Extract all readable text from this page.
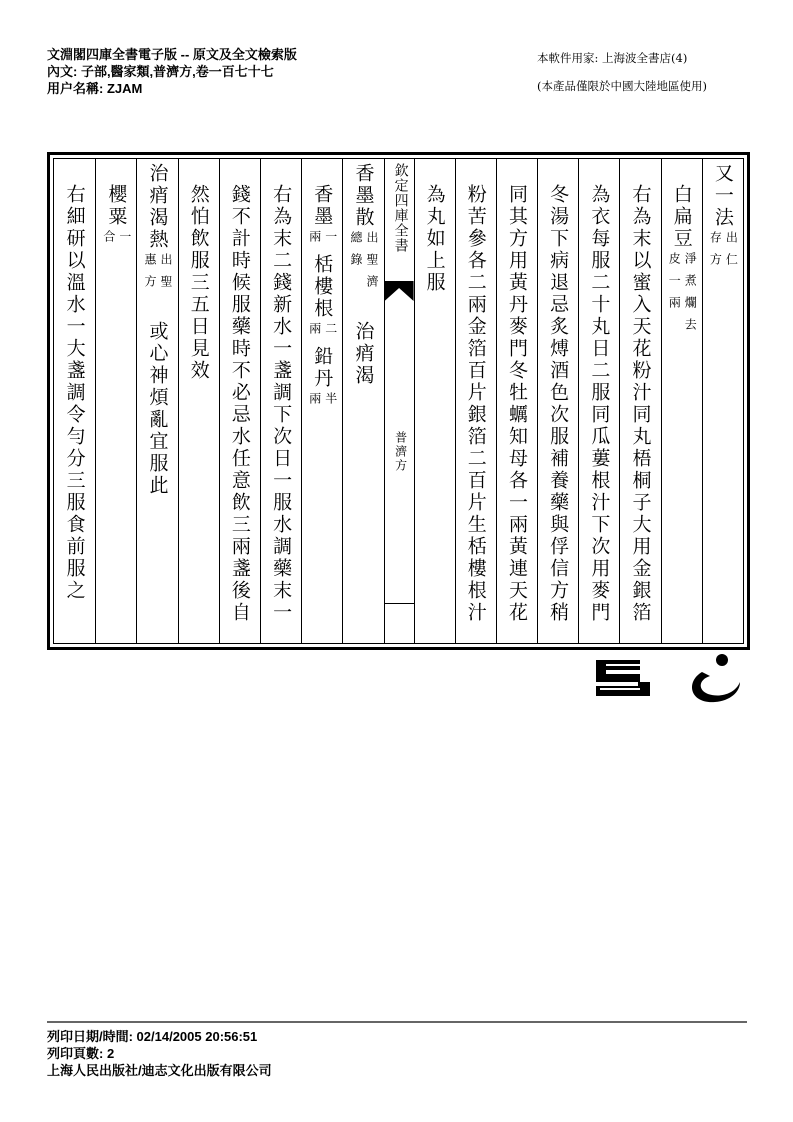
文淵閣四庫全書電子版 -- 原文及全文檢索版
內文: 子部,醫家類,普濟方,卷一百七十七
用户名稱: ZJAM
本軟件用家: 上海波全書店(4)
(本產品僅限於中國大陸地區使用)
又一法
出仁
存方
白扁豆
淨煮爛去
皮一兩
右為末以蜜入天花粉汁同丸梧桐子大用金銀箔
為衣每服二十丸日二服同瓜蔞根汁下次用麥門
冬湯下病退忌炙煿酒色次服補養藥與俘信方稍
同其方用黃丹麥門冬牡蠣知母各一兩黃連天花
粉苦參各二兩金箔百片銀箔二百片生栝樓根汁
為丸如上服
欽定四庫全書
普濟方
香墨散
出聖濟
總錄
治痟渴
香墨
一
兩
栝樓根
二
兩
鉛丹
半
兩
右為末二錢新水一盞調下次日一服水調藥末一
錢不計時候服藥時不必忌水任意飲三兩盞後自
然怕飲服三五日見效
治痟渴熱
出聖
惠方
或心神煩亂宜服此
櫻粟
一
合
右細研以溫水一大盞調令勻分三服食前服之
列印日期/時間: 02/14/2005 20:56:51
列印頁數: 2
上海人民出版社/迪志文化出版有限公司
